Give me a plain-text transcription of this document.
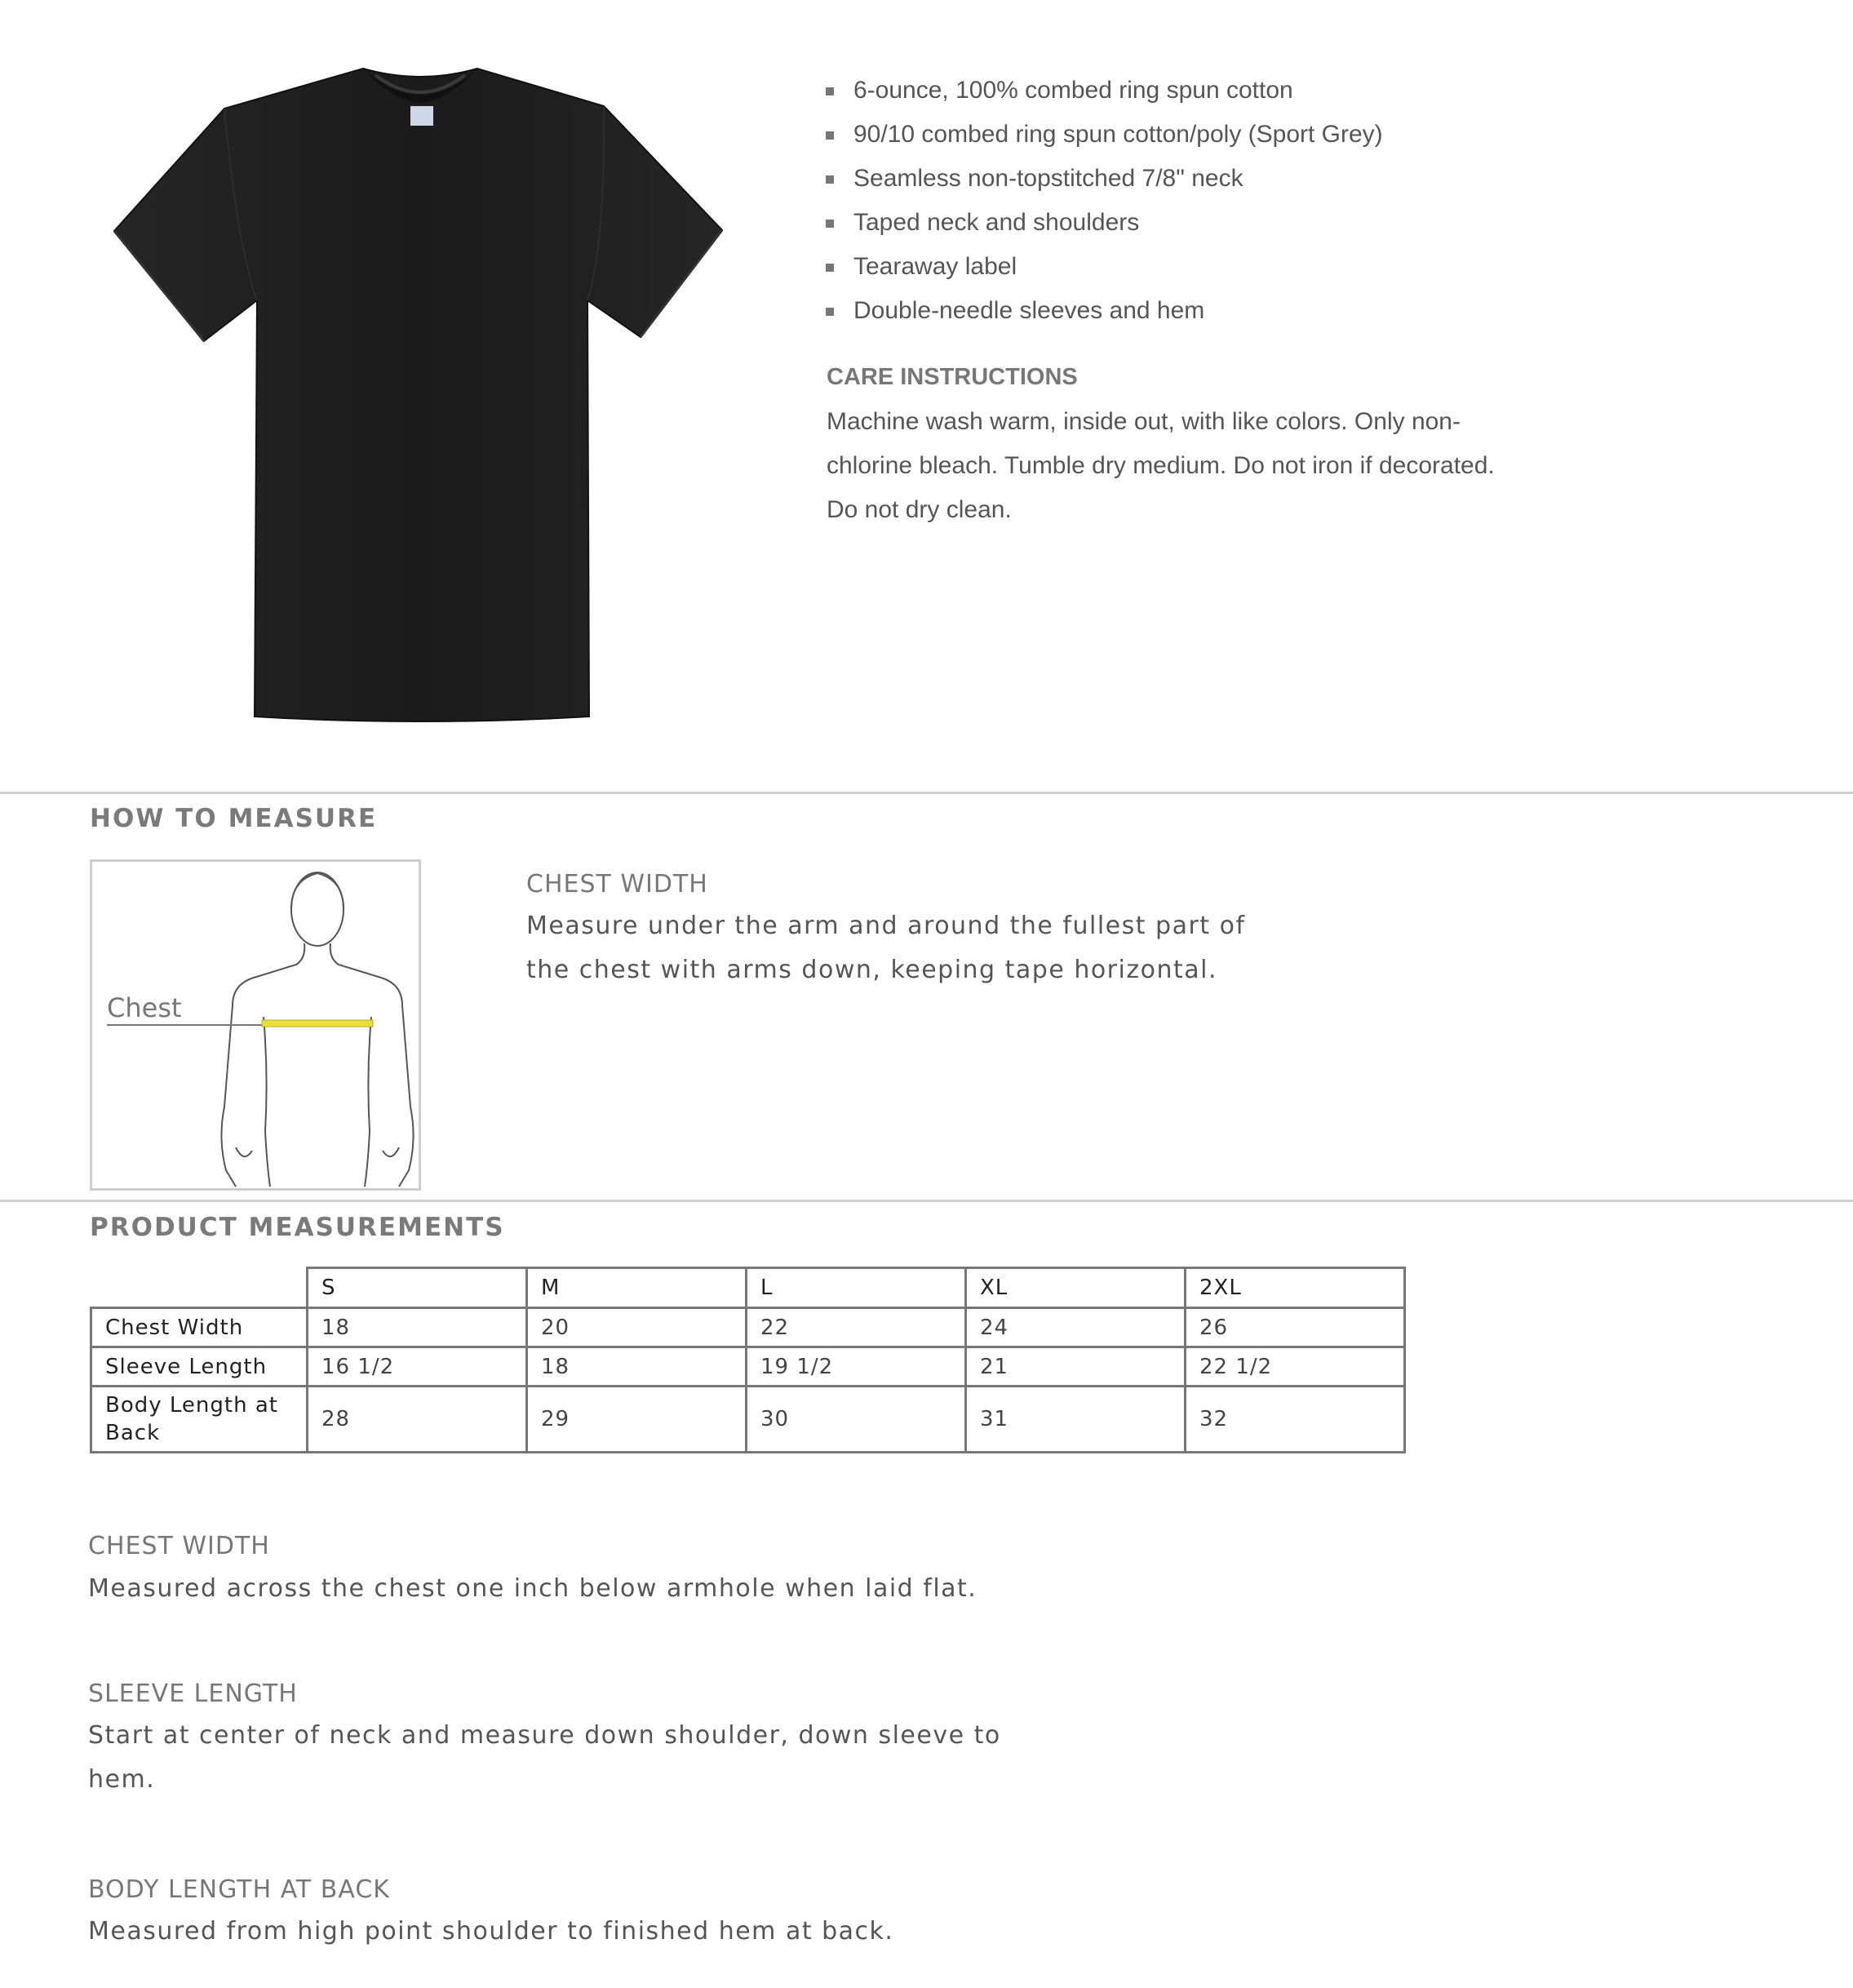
6-ounce, 100% combed ring spun cotton
90/10 combed ring spun cotton/poly (Sport Grey)
Seamless non-topstitched 7/8" neck
Taped neck and shoulders
Tearaway label
Double-needle sleeves and hem
CARE INSTRUCTIONS
Machine wash warm, inside out, with like colors. Only non-chlorine bleach. Tumble dry medium. Do not iron if decorated. Do not dry clean.
HOW TO MEASURE
Chest
CHEST WIDTH
Measure under the arm and around the fullest part of the chest with arms down, keeping tape horizontal.
PRODUCT MEASUREMENTS
	S	M	L	XL	2XL
Chest Width	18	20	22	24	26
Sleeve Length	16 1/2	18	19 1/2	21	22 1/2
Body Length at Back	28	29	30	31	32
CHEST WIDTH
Measured across the chest one inch below armhole when laid flat.
SLEEVE LENGTH
Start at center of neck and measure down shoulder, down sleeve to hem.
BODY LENGTH AT BACK
Measured from high point shoulder to finished hem at back.
